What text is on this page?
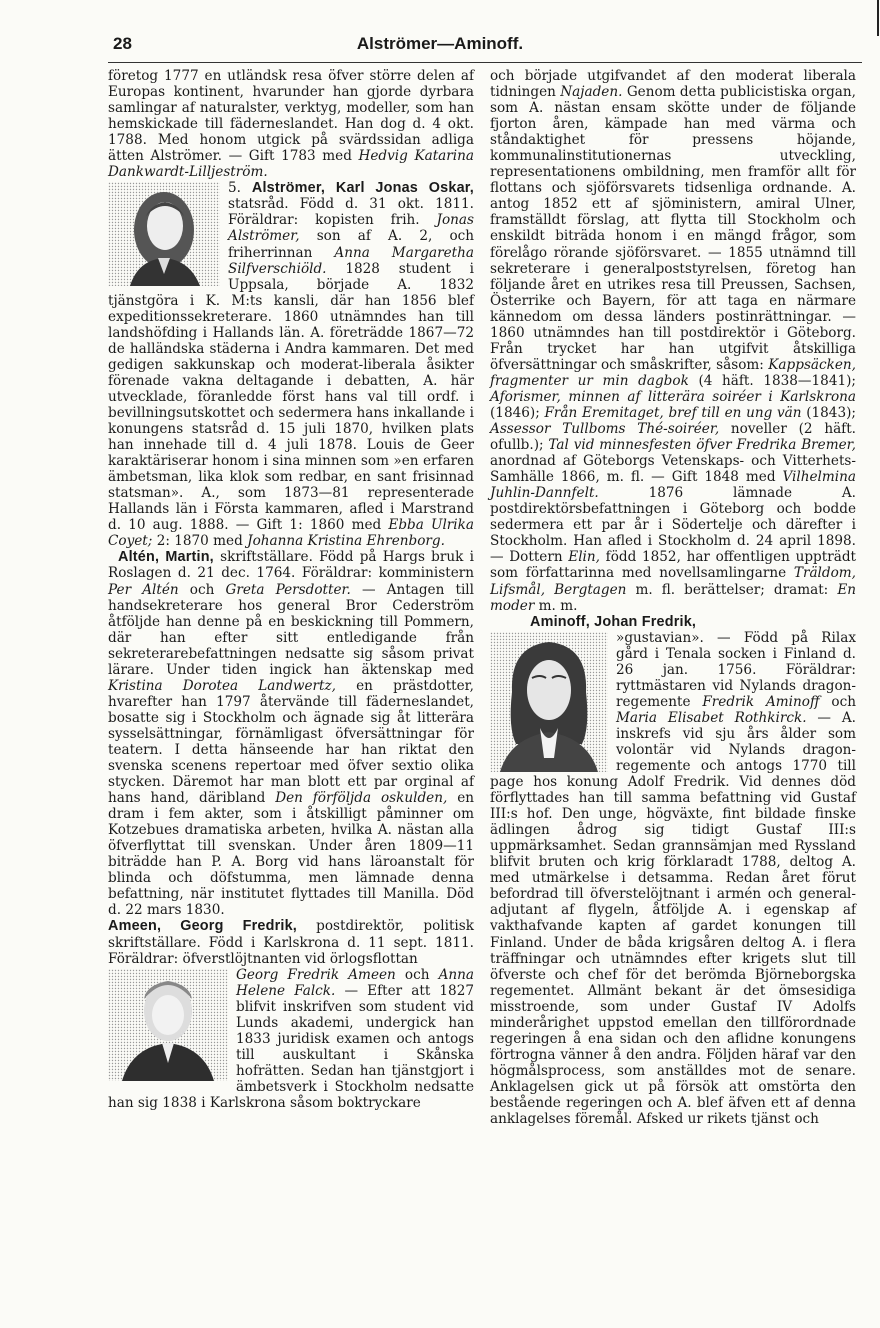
28	Alströmer—Aminoff.

företog 1777 en utländsk resa öfver större delen af Europas kontinent, hvarunder han gjorde dyrbara samlingar af naturalster, verktyg, modeller, som han hemskickade till fäderneslandet. Han dog d. 4 okt. 1788. Med honom utgick på svärdssidan adliga ätten Alströmer. — Gift 1783 med Hedvig Katarina Dankwardt-Lilljeström.

5. Alströmer, Karl Jonas Oskar,
statsråd. Född d. 31 okt. 1811. Föräldrar: kopisten frih. Jonas Alströmer, son af A. 2, och friherrinnan Anna Margaretha Silfverschiöld. 1828 student i Uppsala, började A. 1832 tjänstgöra i K. M:ts kansli, där han 1856 blef expeditionssekreterare. 1860 utnämndes han till landshöfding i Hallands län. A. företrädde 1867—72 de halländska städerna i Andra kammaren. Det med gedigen sakkunskap och moderat-liberala åsikter förenade vakna deltagande i debatten, A. här utvecklade, föranledde först hans val till ordf. i bevillningsutskottet och sedermera hans inkallande i konungens statsråd d. 15 juli 1870, hvilken plats han innehade till d. 4 juli 1878. Louis de Geer karaktäriserar honom i sina minnen som »en erfaren ämbetsman, lika klok som redbar, en sant frisinnad statsman». A., som 1873—81 representerade Hallands län i Första kammaren, afled i Marstrand d. 10 aug. 1888. — Gift 1: 1860 med Ebba Ulrika Coyet; 2: 1870 med Johanna Kristina Ehrenborg.

Altén, Martin, skriftställare. Född på Hargs bruk i Roslagen d. 21 dec. 1764. Föräldrar: komministern Per Altén och Greta Persdotter. — Antagen till handsekreterare hos general Bror Cederström åtföljde han denne på en beskickning till Pommern, där han efter sitt entledigande från sekreterarebefattningen nedsatte sig såsom privat lärare. Under tiden ingick han äktenskap med Kristina Dorotea Landwertz, en prästdotter, hvarefter han 1797 återvände till fäderneslandet, bosatte sig i Stockholm och ägnade sig åt litterära sysselsättningar, förnämligast öfversättningar för teatern. I detta hänseende har han riktat den svenska scenens repertoar med öfver sextio olika stycken. Däremot har man blott ett par orginal af hans hand, däribland Den förföljda oskulden, en dram i fem akter, som i åtskilligt påminner om Kotzebues dramatiska arbeten, hvilka A. nästan alla öfverflyttat till svenskan. Under åren 1809—11 biträdde han P. A. Borg vid hans läroanstalt för blinda och döfstumma, men lämnade denna befattning, när institutet flyttades till Manilla. Död d. 22 mars 1830.

Ameen, Georg Fredrik, postdirektör, politisk skriftställare. Född i Karlskrona d. 11 sept. 1811. Föräldrar: öfverstlöjtnanten vid örlogsflottan

Georg Fredrik Ameen och Anna Helene Falck. — Efter att 1827 blifvit inskrifven som student vid Lunds akademi, undergick han 1833 juridisk examen och antogs till auskultant i Skånska hofrätten. Sedan han tjänstgjort i ämbetsverk i Stockholm nedsatte han sig 1838 i Karlskrona såsom boktryckare

och började utgifvandet af den moderat liberala tidningen Najaden. Genom detta publicistiska organ, som A. nästan ensam skötte under de följande fjorton åren, kämpade han med värma och ståndaktighet för pressens höjande, kommunalinstitutionernas utveckling, representationens ombildning, men framför allt för flottans och sjöförsvarets tidsenliga ordnande. A. antog 1852 ett af sjöministern, amiral Ulner, framställdt förslag, att flytta till Stockholm och enskildt biträda honom i en mängd frågor, som förelågo rörande sjöförsvaret. — 1855 utnämnd till sekreterare i generalpoststyrelsen, företog han följande året en utrikes resa till Preussen, Sachsen, Österrike och Bayern, för att taga en närmare kännedom om dessa länders postinrättningar. — 1860 utnämndes han till postdirektör i Göteborg. Från trycket har han utgifvit åtskilliga öfversättningar och småskrifter, såsom: Kappsäcken, fragmenter ur min dagbok (4 häft. 1838—1841); Aforismer, minnen af litterära soiréer i Karlskrona (1846); Från Eremitaget, bref till en ung vän (1843); Assessor Tullboms Thé-soiréer, noveller (2 häft. ofullb.); Tal vid minnesfesten öfver Fredrika Bremer, anordnad af Göteborgs Vetenskaps- och Vitterhets-Samhälle 1866, m. fl. — Gift 1848 med Vilhelmina Juhlin-Dannfelt.	1876 lämnade A. postdirektörsbefattningen i Göteborg och bodde sedermera ett par år i Södertelje och därefter i Stockholm. Han afled i Stockholm d. 24 april 1898. — Dottern Elin, född 1852, har offentligen uppträdt som författarinna med novellsamlingarne Träldom, Lifsmål, Bergtagen m. fl. berättelser; dramat: En moder m. m.

Aminoff, Johan Fredrik,

»gustavian». — Född på Rilax gård i Tenala socken i Finland d. 26 jan. 1756. Föräldrar: ryttmästaren vid Nylands dragon-regemente Fredrik Aminoff och Maria Elisabet Rothkirck. — A. inskrefs vid sju års ålder som volontär vid Nylands dragon-regemente och antogs 1770 till page hos konung Adolf Fredrik. Vid dennes död förflyttades han till samma befattning vid Gustaf III:s hof. Den unge, högväxte, fint bildade finske ädlingen ådrog sig tidigt Gustaf III:s uppmärksamhet. Sedan grannsämjan med Ryssland blifvit bruten och krig förklaradt 1788, deltog A. med utmärkelse i detsamma. Redan året förut befordrad till öfverstelöjtnant i armén och general-adjutant af flygeln, åtföljde A. i egenskap af vakthafvande kapten af gardet konungen till Finland. Under de båda krigsåren deltog A. i flera träffningar och utnämndes efter krigets slut till öfverste och chef för det berömda Björneborgska regementet. Allmänt bekant är det ömsesidiga misstroende, som under Gustaf IV Adolfs minderårighet uppstod emellan den tillförordnade regeringen å ena sidan och den aflidne konungens förtrogna vänner å den andra. Följden häraf var den högmålsprocess, som anställdes mot de senare. Anklagelsen gick ut på försök att omstörta den bestående regeringen och A. blef äfven ett af denna anklagelses föremål. Afsked ur rikets tjänst och
